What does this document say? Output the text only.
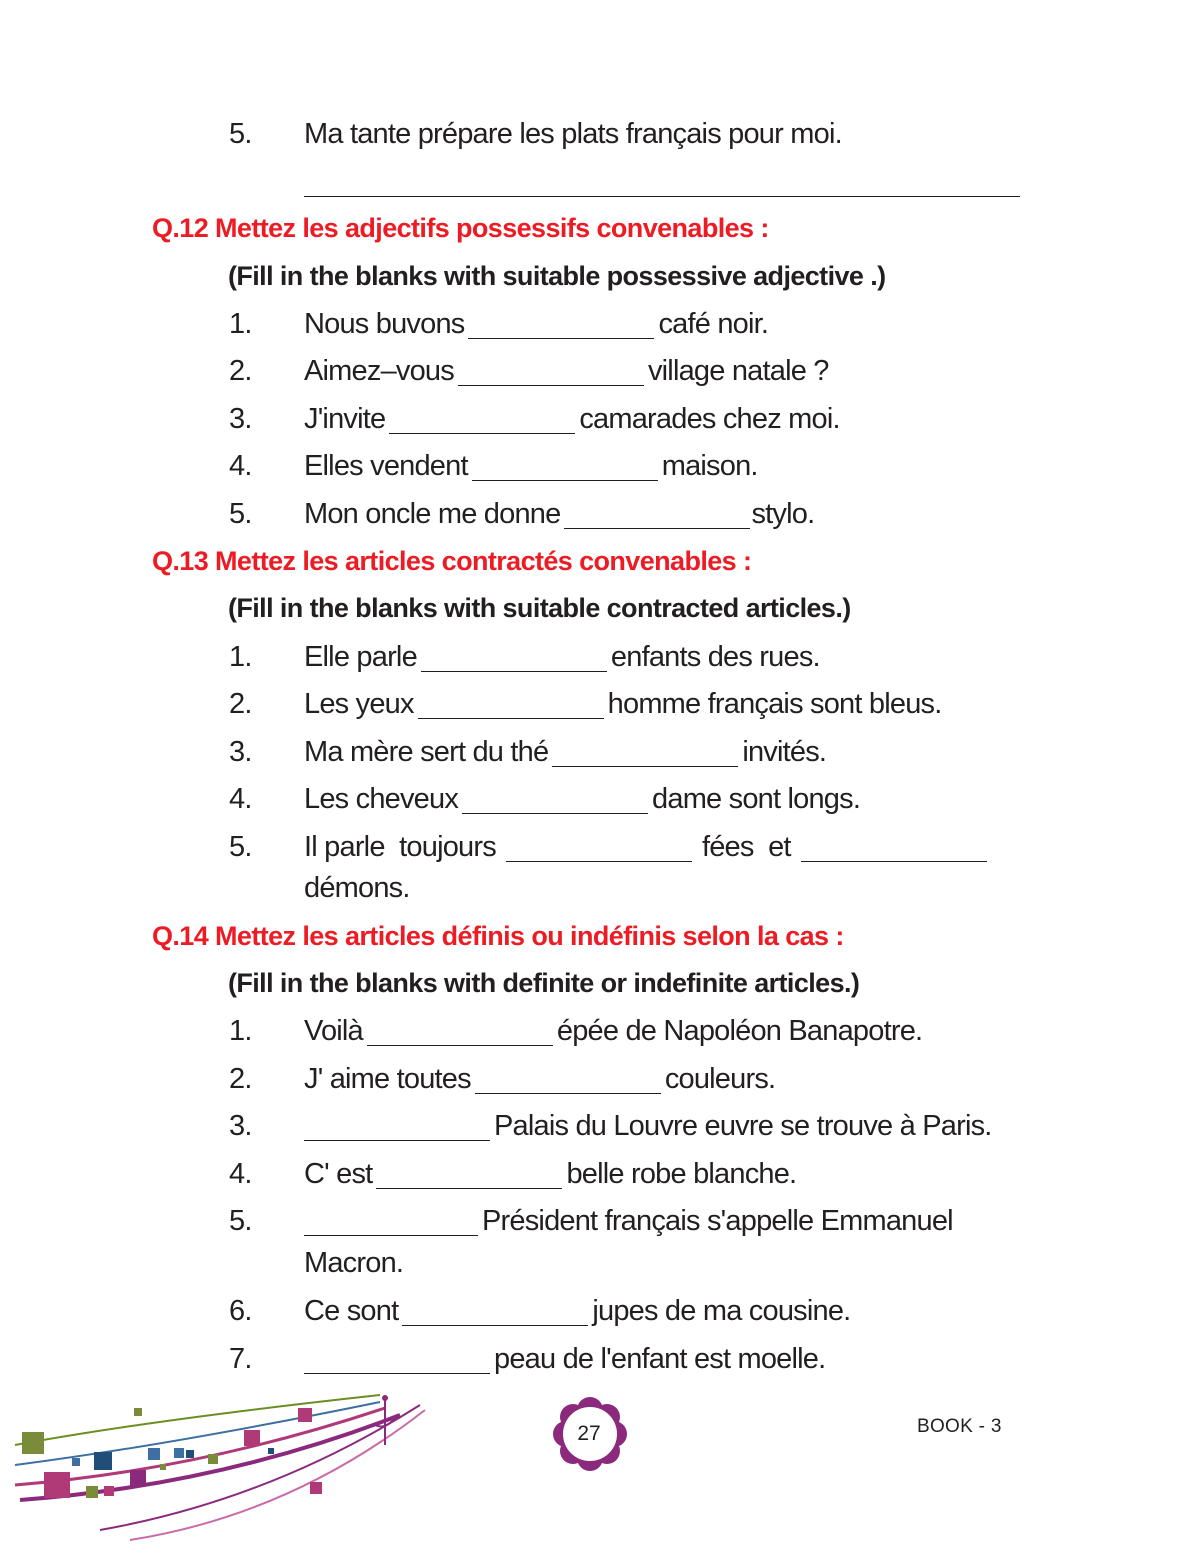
5. Ma tante prépare les plats français pour moi.
Q.12 Mettez les adjectifs possessifs convenables :
(Fill in the blanks with suitable possessive adjective .)
1. Nous buvons	café noir.
2. Aimez–vous	village natale ?
3. J'invite	camarades chez moi.
4. Elles vendent	maison.
5. Mon oncle me donne	stylo.
Q.13 Mettez les articles contractés convenables :
(Fill in the blanks with suitable contracted articles.)
1. Elle parle	enfants des rues.
2. Les yeux	homme français sont bleus.
3. Ma mère sert du thé	invités.
4. Les cheveux	dame sont longs.
5. Il parle  toujours	fées  et
démons.
Q.14 Mettez les articles définis ou indéfinis selon la cas :
(Fill in the blanks with definite or indefinite articles.)
1. Voilà	épée de Napoléon Banapotre.
2. J' aime toutes	couleurs.
3.	Palais du Louvre euvre se trouve à Paris.
4. C' est	belle robe blanche.
5.	Président français s'appelle Emmanuel
Macron.
6. Ce sont	jupes de ma cousine.
7.	peau de l'enfant est moelle.
27	BOOK - 3
